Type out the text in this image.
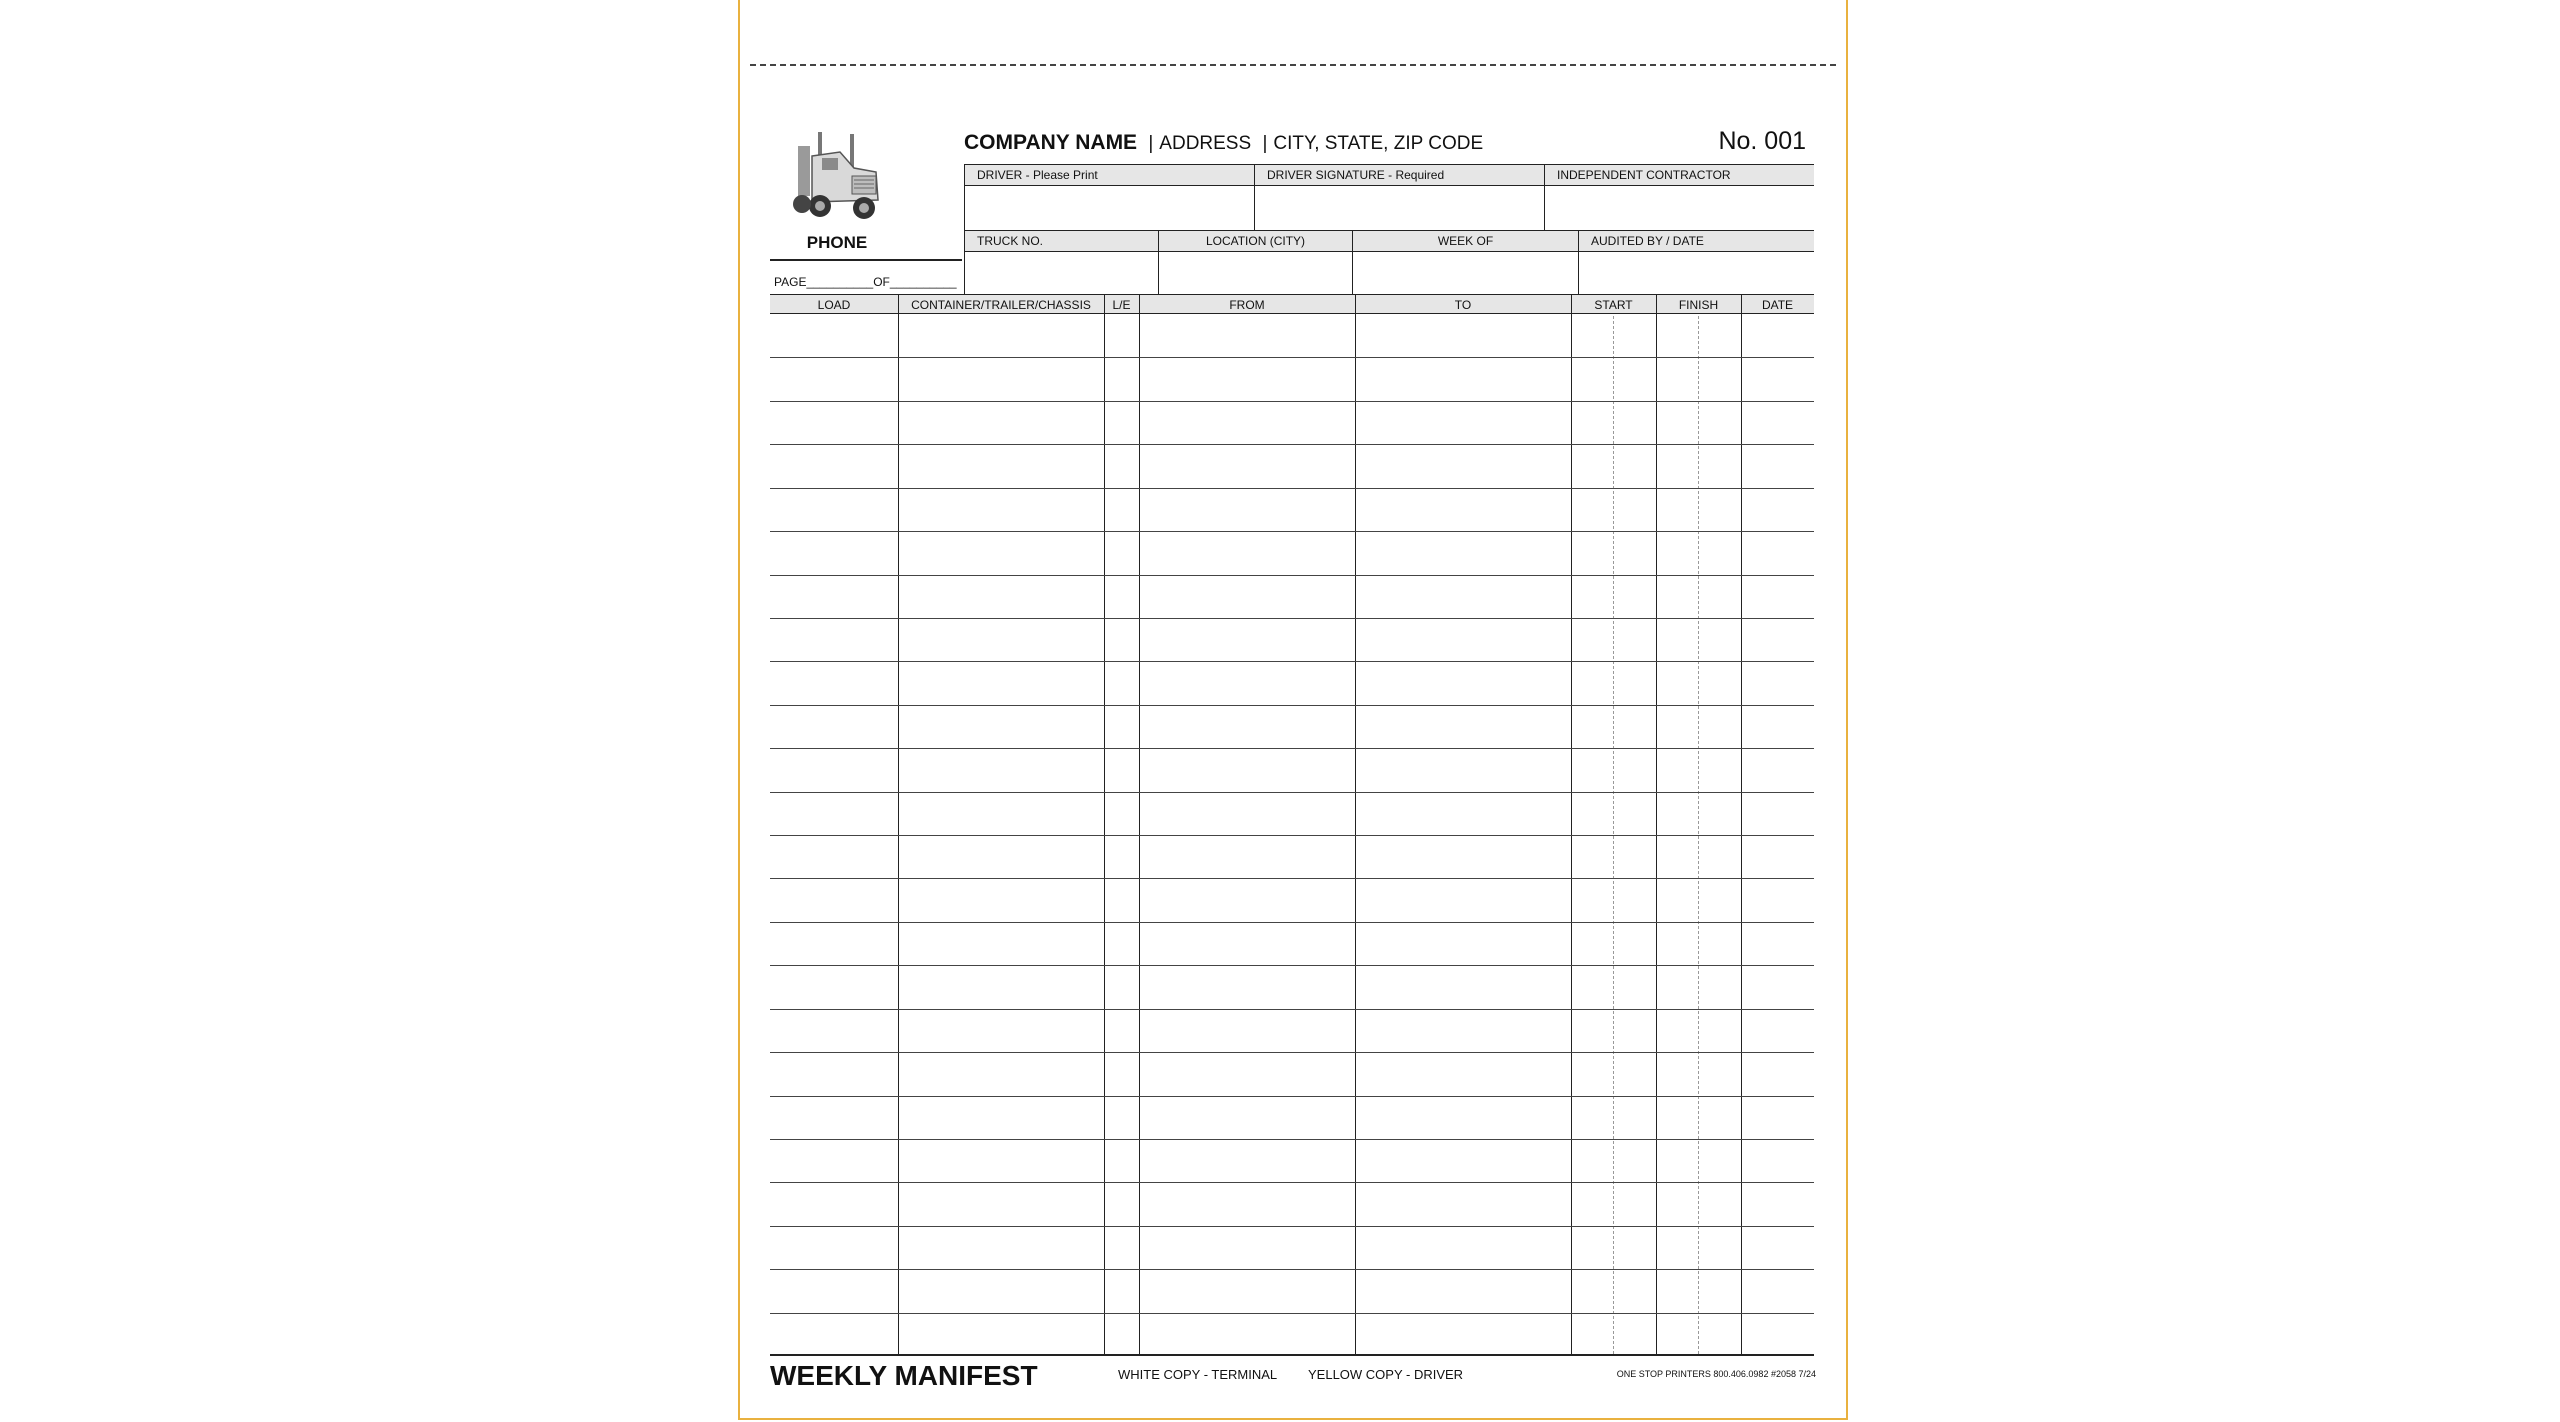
PHONE
PAGE__________OF__________
COMPANY NAME | ADDRESS | CITY, STATE, ZIP CODE	No. 001
DRIVER - Please Print	DRIVER SIGNATURE - Required	INDEPENDENT CONTRACTOR
TRUCK NO.	LOCATION (CITY)	WEEK OF	AUDITED BY / DATE
LOAD	CONTAINER/TRAILER/CHASSIS	L/E	FROM	TO	START	FINISH	DATE
WEEKLY MANIFEST	WHITE COPY - TERMINAL YELLOW COPY - DRIVER	ONE STOP PRINTERS 800.406.0982 #2058 7/24
